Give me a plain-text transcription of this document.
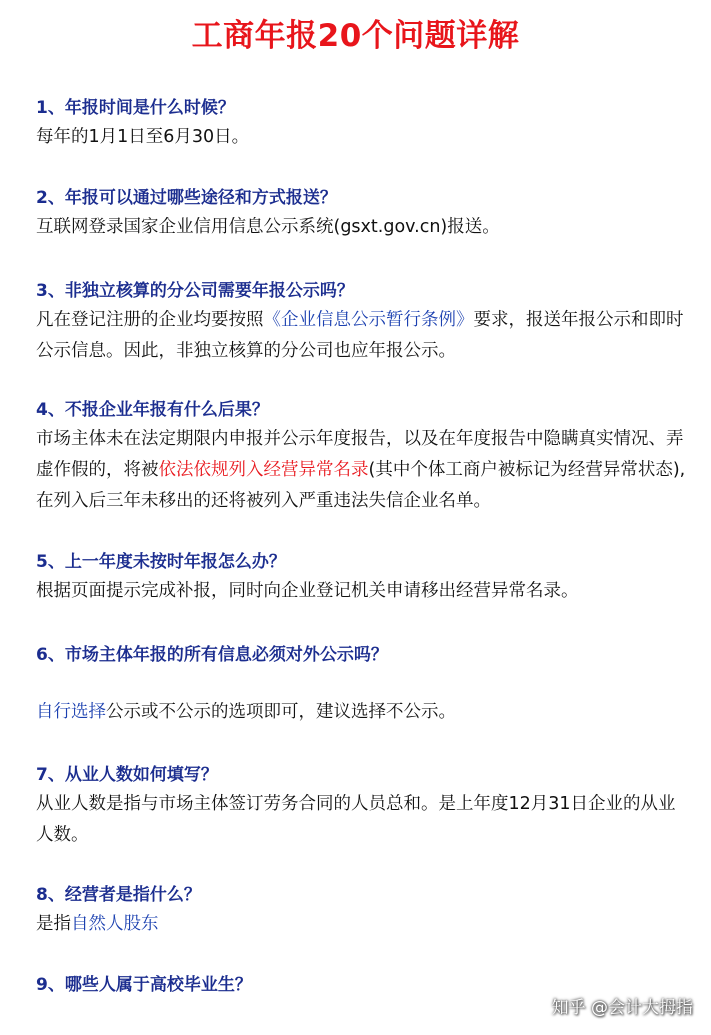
工商年报20个问题详解
1、年报时间是什么时候？
每年的1月1日至6月30日。
2、年报可以通过哪些途径和方式报送？
互联网登录国家企业信用信息公示系统(gsxt.gov.cn)报送。
3、非独立核算的分公司需要年报公示吗？
凡在登记注册的企业均要按照《企业信息公示暂行条例》要求，报送年报公示和即时公示信息。因此，非独立核算的分公司也应年报公示。
4、不报企业年报有什么后果？
市场主体未在法定期限内申报并公示年度报告，以及在年度报告中隐瞒真实情况、弄虚作假的，将被依法依规列入经营异常名录(其中个体工商户被标记为经营异常状态),在列入后三年未移出的还将被列入严重违法失信企业名单。
5、上一年度未按时年报怎么办？
根据页面提示完成补报，同时向企业登记机关申请移出经营异常名录。
6、市场主体年报的所有信息必须对外公示吗？
自行选择公示或不公示的选项即可，建议选择不公示。
7、从业人数如何填写？
从业人数是指与市场主体签订劳务合同的人员总和。是上年度12月31日企业的从业人数。
8、经营者是指什么？
是指自然人股东
9、哪些人属于高校毕业生？
知乎 @会计大拇指
